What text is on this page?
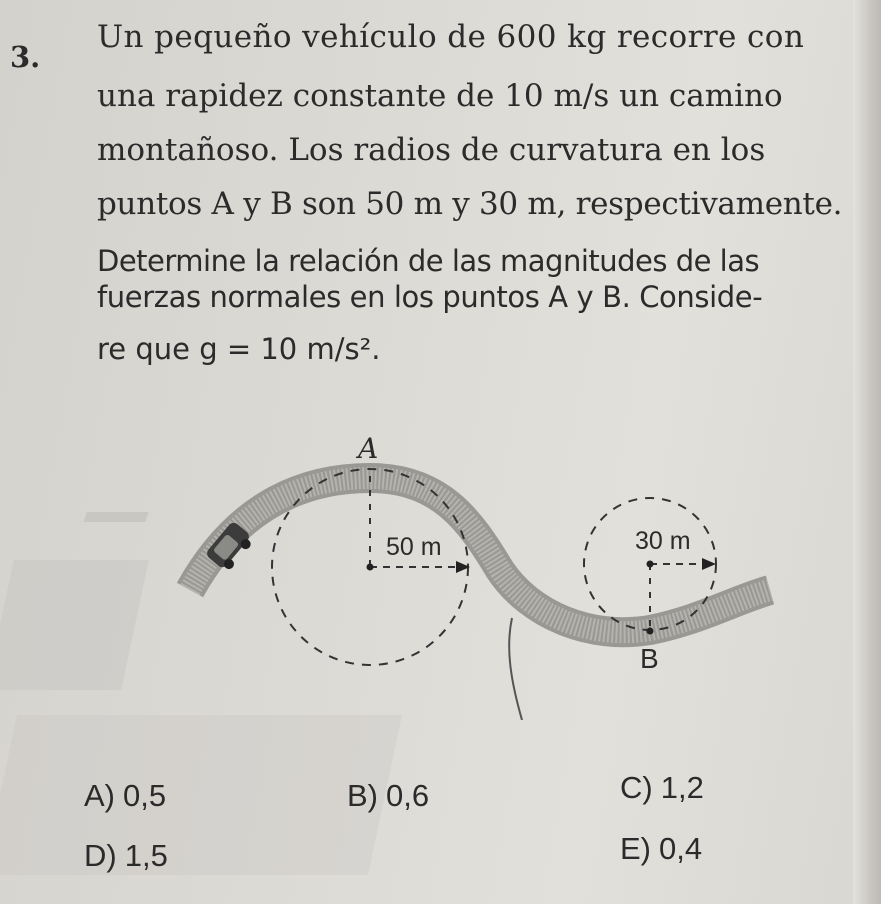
3.
Un pequeño vehículo de 600 kg recorre con
una rapidez constante de 10 m/s un camino
montañoso. Los radios de curvatura en los
puntos A y B son 50 m y 30 m, respectivamente.
Determine la relación de las magnitudes de las
fuerzas normales en los puntos A y B. Conside-
re que g = 10 m/s².
A
B
50 m	30 m
A) 0,5	B) 0,6	C) 1,2
D) 1,5	E) 0,4
